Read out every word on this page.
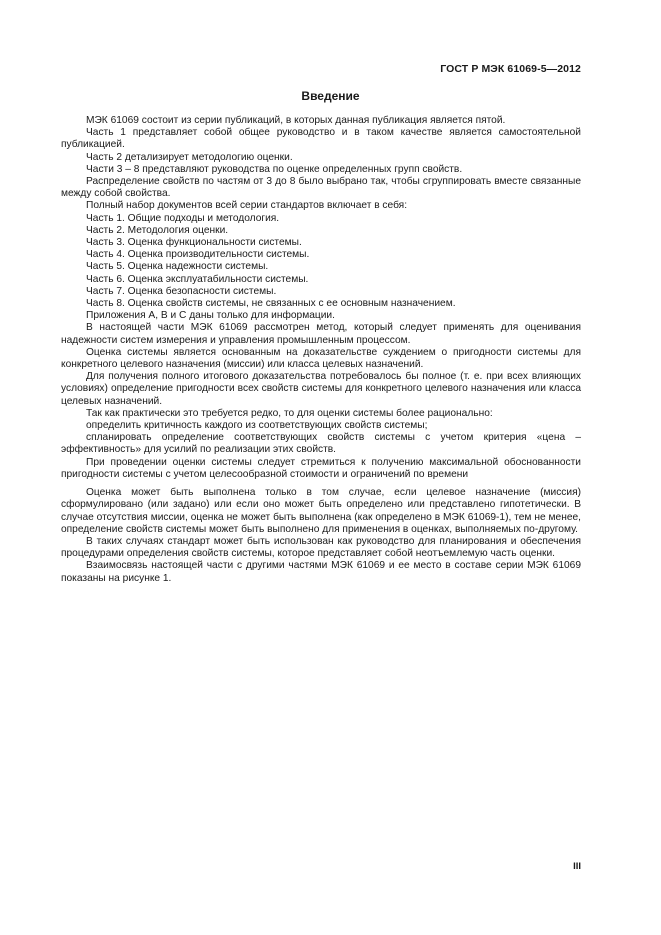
ГОСТ Р МЭК 61069-5—2012
Введение

МЭК 61069 состоит из серии публикаций, в которых данная публикация является пятой.

Часть 1 представляет собой общее руководство и в таком качестве является самостоятельной публикацией.

Часть 2 детализирует методологию оценки.

Части 3 – 8 представляют руководства по оценке определенных групп свойств.

Распределение свойств по частям от 3 до 8 было выбрано так, чтобы сгруппировать вместе связанные между собой свойства.

Полный набор документов всей серии стандартов включает в себя:

Часть 1. Общие подходы и методология.

Часть 2. Методология оценки.

Часть 3. Оценка функциональности системы.

Часть 4. Оценка производительности системы.

Часть 5. Оценка надежности системы.

Часть 6. Оценка эксплуатабильности системы.

Часть 7. Оценка безопасности системы.

Часть 8. Оценка свойств системы, не связанных с ее основным назначением.

Приложения А, В и С даны только для информации.

В настоящей части МЭК 61069 рассмотрен метод, который следует применять для оценивания надежности систем измерения и управления промышленным процессом.

Оценка системы является основанным на доказательстве суждением о пригодности системы для конкретного целевого назначения (миссии) или класса целевых назначений.

Для получения полного итогового доказательства потребовалось бы полное (т. е. при всех влияющих условиях) определение пригодности всех свойств системы для конкретного целевого назначения или класса целевых назначений.

Так как практически это требуется редко, то для оценки системы более рационально:

определить критичность каждого из соответствующих свойств системы;

спланировать определение соответствующих свойств системы с учетом критерия «цена – эффективность» для усилий по реализации этих свойств.

При проведении оценки системы следует стремиться к получению максимальной обоснованности пригодности системы с учетом целесообразной стоимости и ограничений по времени

Оценка может быть выполнена только в том случае, если целевое назначение (миссия) сформулировано (или задано) или если оно может быть определено или представлено гипотетически. В случае отсутствия миссии, оценка не может быть выполнена (как определено в МЭК 61069-1), тем не менее, определение свойств системы может быть выполнено для применения в оценках, выполняемых по-другому.

В таких случаях стандарт может быть использован как руководство для планирования и обеспечения процедурами определения свойств системы, которое представляет собой неотъемлемую часть оценки.

Взаимосвязь настоящей части с другими частями МЭК 61069 и ее место в составе серии МЭК 61069 показаны на рисунке 1.

III
